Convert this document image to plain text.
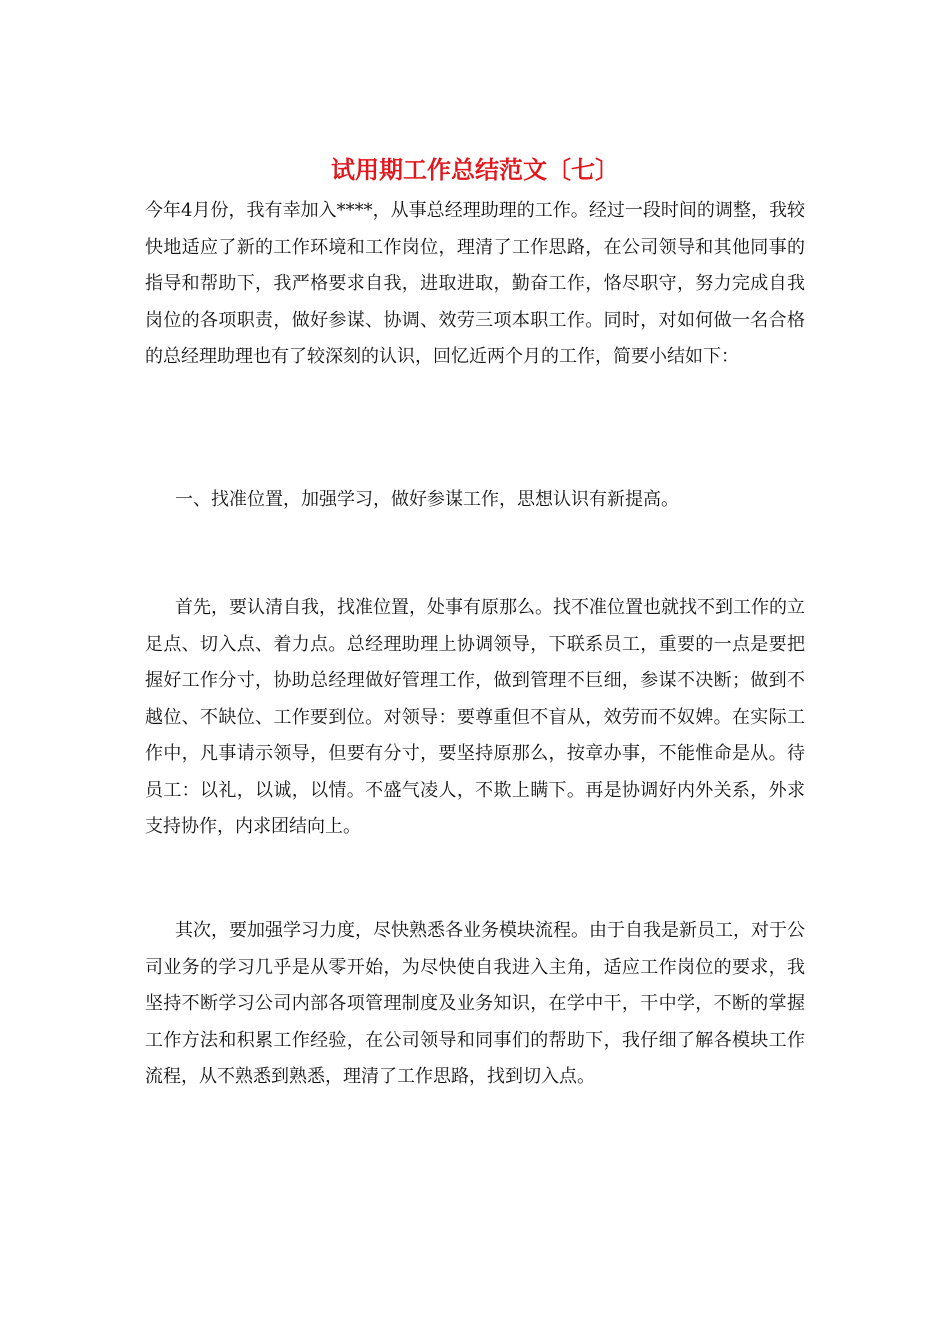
试用期工作总结范文〔七〕

今年4月份，我有幸加入****，从事总经理助理的工作。经过一段时间的调整，我较快地适应了新的工作环境和工作岗位，理清了工作思路，在公司领导和其他同事的指导和帮助下，我严格要求自我，进取进取，勤奋工作，恪尽职守，努力完成自我岗位的各项职责，做好参谋、协调、效劳三项本职工作。同时，对如何做一名合格的总经理助理也有了较深刻的认识，回忆近两个月的工作，简要小结如下：

一、找准位置，加强学习，做好参谋工作，思想认识有新提高。

首先，要认清自我，找准位置，处事有原那么。找不准位置也就找不到工作的立足点、切入点、着力点。总经理助理上协调领导，下联系员工，重要的一点是要把握好工作分寸，协助总经理做好管理工作，做到管理不巨细，参谋不决断；做到不越位、不缺位、工作要到位。对领导：要尊重但不盲从，效劳而不奴婢。在实际工作中，凡事请示领导，但要有分寸，要坚持原那么，按章办事，不能惟命是从。待员工：以礼，以诚，以情。不盛气凌人，不欺上瞒下。再是协调好内外关系，外求支持协作，内求团结向上。

其次，要加强学习力度，尽快熟悉各业务模块流程。由于自我是新员工，对于公司业务的学习几乎是从零开始，为尽快使自我进入主角，适应工作岗位的要求，我坚持不断学习公司内部各项管理制度及业务知识，在学中干，干中学，不断的掌握工作方法和积累工作经验，在公司领导和同事们的帮助下，我仔细了解各模块工作流程，从不熟悉到熟悉，理清了工作思路，找到切入点。
